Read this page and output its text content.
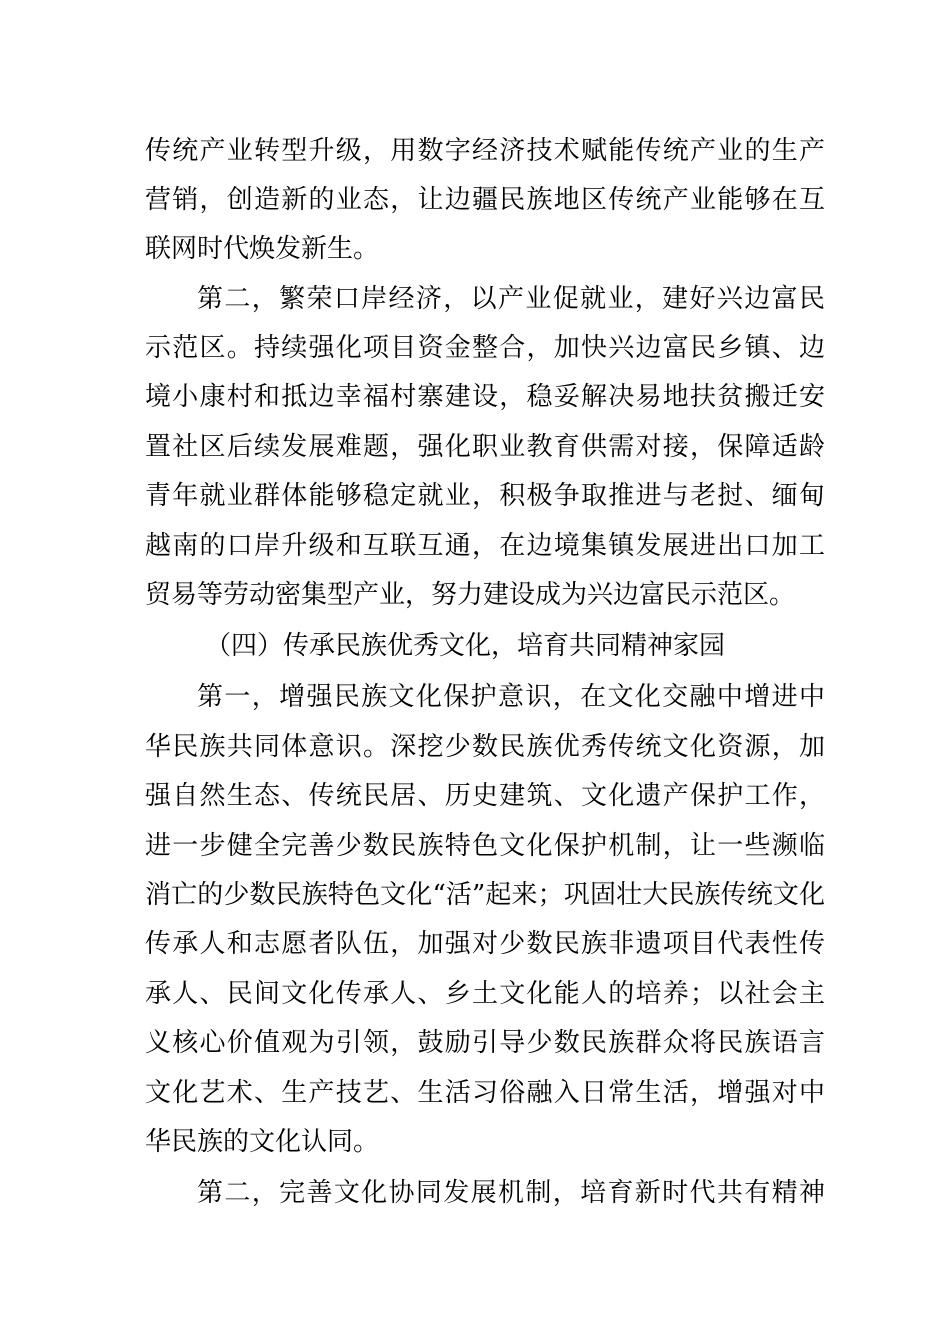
传统产业转型升级，用数字经济技术赋能传统产业的生产
营销，创造新的业态，让边疆民族地区传统产业能够在互
联网时代焕发新生。
第二，繁荣口岸经济，以产业促就业，建好兴边富民
示范区。持续强化项目资金整合，加快兴边富民乡镇、边
境小康村和抵边幸福村寨建设，稳妥解决易地扶贫搬迁安
置社区后续发展难题，强化职业教育供需对接，保障适龄
青年就业群体能够稳定就业，积极争取推进与老挝、缅甸
越南的口岸升级和互联互通，在边境集镇发展进出口加工
贸易等劳动密集型产业，努力建设成为兴边富民示范区。
（四）传承民族优秀文化，培育共同精神家园
第一，增强民族文化保护意识，在文化交融中增进中
华民族共同体意识。深挖少数民族优秀传统文化资源，加
强自然生态、传统民居、历史建筑、文化遗产保护工作，
进一步健全完善少数民族特色文化保护机制，让一些濒临
消亡的少数民族特色文化“活”起来；巩固壮大民族传统文化
传承人和志愿者队伍，加强对少数民族非遗项目代表性传
承人、民间文化传承人、乡土文化能人的培养；以社会主
义核心价值观为引领，鼓励引导少数民族群众将民族语言
文化艺术、生产技艺、生活习俗融入日常生活，增强对中
华民族的文化认同。
第二，完善文化协同发展机制，培育新时代共有精神
